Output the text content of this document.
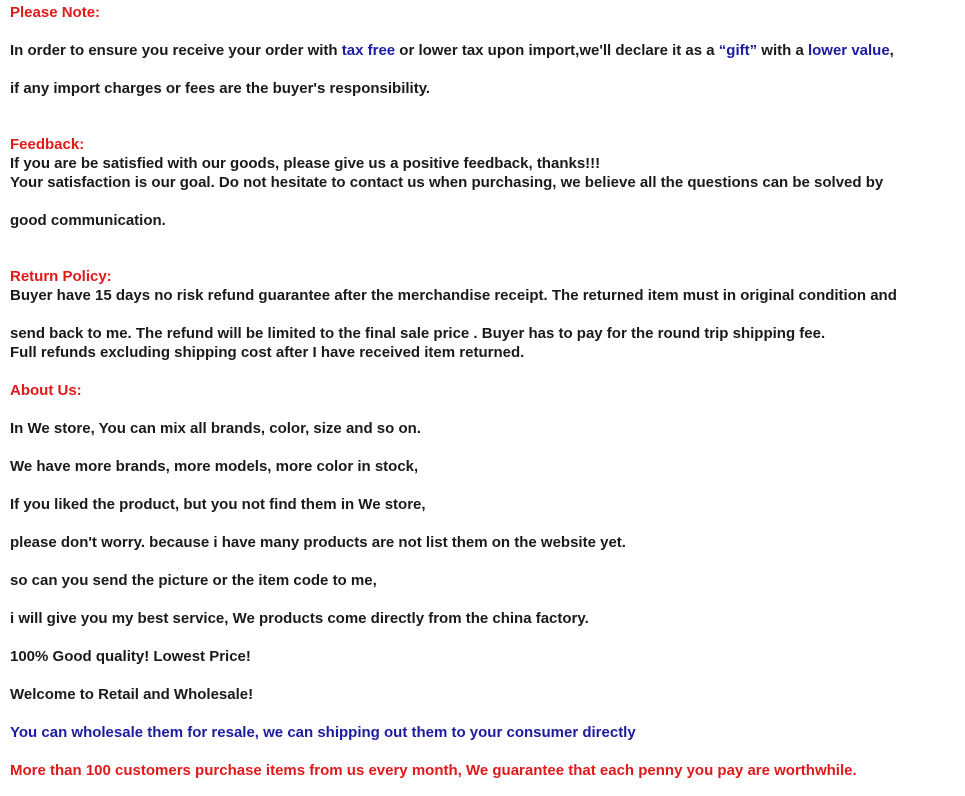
Please Note:
In order to ensure you receive your order with tax free or lower tax upon import,we'll declare it as a “gift” with a lower value,
if any import charges or fees are the buyer's responsibility.
Feedback:
If you are be satisfied with our goods, please give us a positive feedback, thanks!!!
Your satisfaction is our goal. Do not hesitate to contact us when purchasing, we believe all the questions can be solved by
good communication.
Return Policy:
Buyer have 15 days no risk refund guarantee after the merchandise receipt. The returned item must in original condition and
send back to me. The refund will be limited to the final sale price . Buyer has to pay for the round trip shipping fee.
Full refunds excluding shipping cost after I have received item returned.
About Us:
In We store, You can mix all brands, color, size and so on.
We have more brands, more models, more color in stock,
If you liked the product, but you not find them in We store,
please don't worry. because i have many products are not list them on the website yet.
so can you send the picture or the item code to me,
i will give you my best service, We products come directly from the china factory.
100% Good quality! Lowest Price!
Welcome to Retail and Wholesale!
You can wholesale them for resale, we can shipping out them to your consumer directly
More than 100 customers purchase items from us every month, We guarantee that each penny you pay are worthwhile.
